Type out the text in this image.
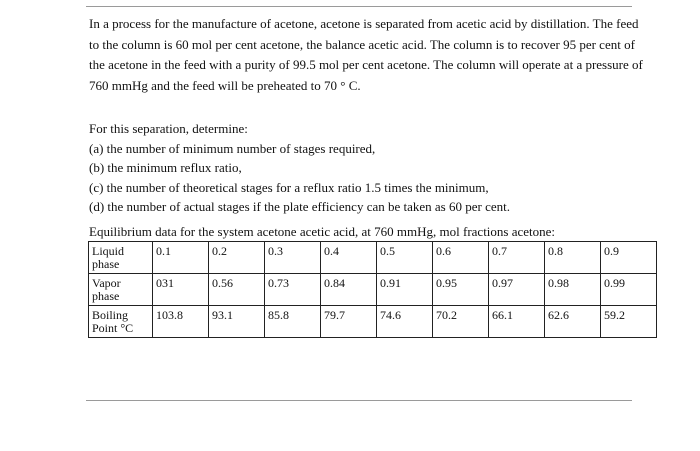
In a process for the manufacture of acetone, acetone is separated from acetic acid by distillation. The feed to the column is 60 mol per cent acetone, the balance acetic acid. The column is to recover 95 per cent of the acetone in the feed with a purity of 99.5 mol per cent acetone. The column will operate at a pressure of 760 mmHg and the feed will be preheated to 70 ° C.

For this separation, determine:
(a) the number of minimum number of stages required,
(b) the minimum reflux ratio,
(c) the number of theoretical stages for a reflux ratio 1.5 times the minimum,
(d) the number of actual stages if the plate efficiency can be taken as 60 per cent.

Equilibrium data for the system acetone acetic acid, at 760 mmHg, mol fractions acetone:

Liquid phase	0.1	0.2	0.3	0.4	0.5	0.6	0.7	0.8	0.9
Vapor phase	031	0.56	0.73	0.84	0.91	0.95	0.97	0.98	0.99
Boiling Point °C	103.8	93.1	85.8	79.7	74.6	70.2	66.1	62.6	59.2
